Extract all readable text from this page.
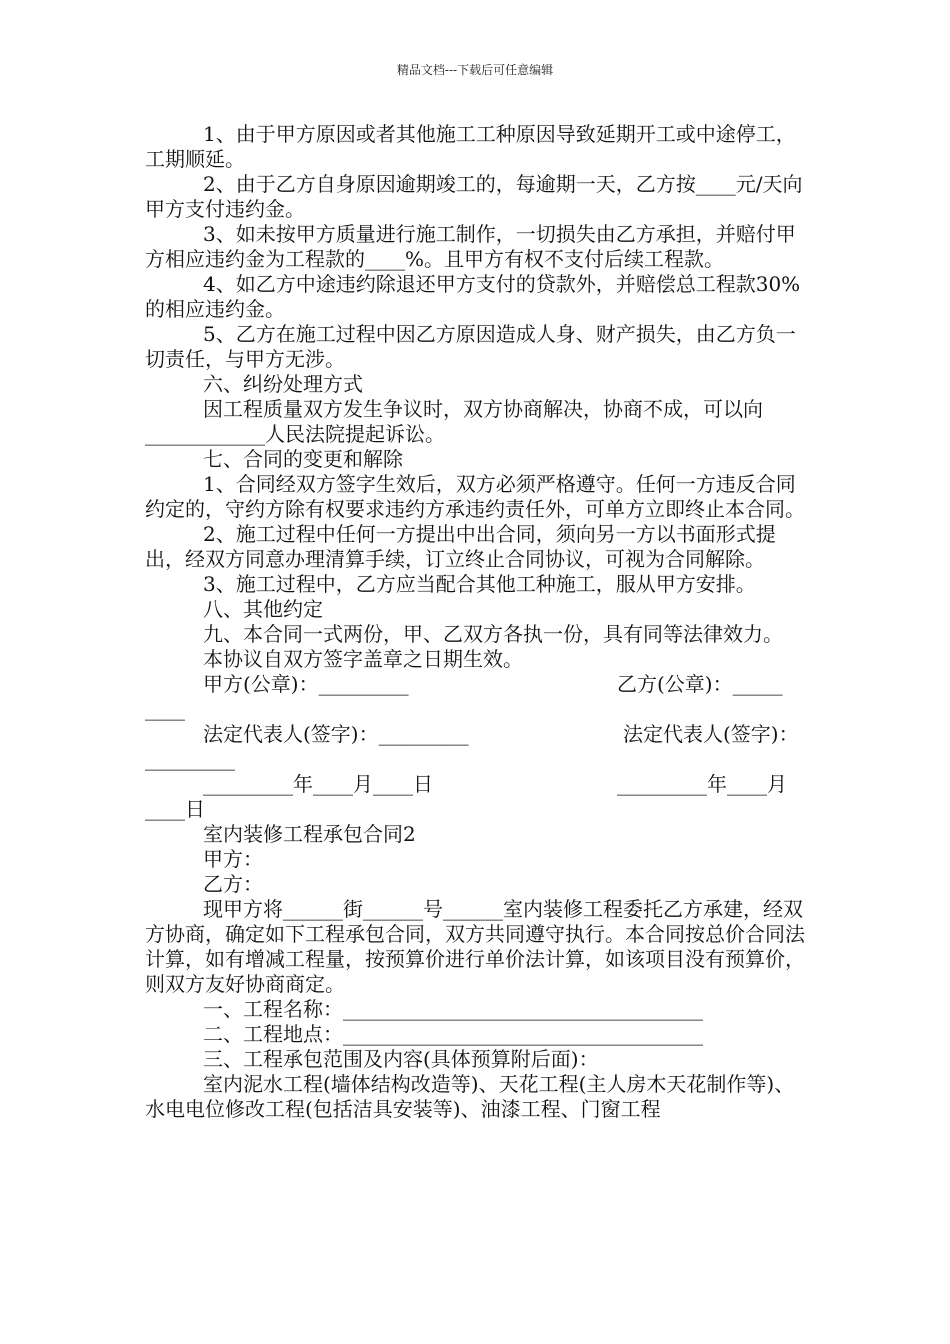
精品文档---下载后可任意编辑

1、由于甲方原因或者其他施工工种原因导致延期开工或中途停工，工期顺延。

2、由于乙方自身原因逾期竣工的，每逾期一天，乙方按____元/天向甲方支付违约金。

3、如未按甲方质量进行施工制作，一切损失由乙方承担，并赔付甲方相应违约金为工程款的____%。且甲方有权不支付后续工程款。

4、如乙方中途违约除退还甲方支付的贷款外，并赔偿总工程款30%的相应违约金。

5、乙方在施工过程中因乙方原因造成人身、财产损失，由乙方负一切责任，与甲方无涉。

六、纠纷处理方式

因工程质量双方发生争议时，双方协商解决，协商不成，可以向____________人民法院提起诉讼。

七、合同的变更和解除

1、合同经双方签字生效后，双方必须严格遵守。任何一方违反合同约定的，守约方除有权要求违约方承违约责任外，可单方立即终止本合同。

2、施工过程中任何一方提出中出合同，须向另一方以书面形式提出，经双方同意办理清算手续，订立终止合同协议，可视为合同解除。

3、施工过程中，乙方应当配合其他工种施工，服从甲方安排。

八、其他约定

九、本合同一式两份，甲、乙双方各执一份，具有同等法律效力。

本协议自双方签字盖章之日期生效。

甲方(公章)：_________	乙方(公章)：_____
____
法定代表人(签字)：_________	法定代表人(签字)：
_________
_________年____月____日	_________年____月
____日

室内装修工程承包合同2

甲方：

乙方：

现甲方将______街______号______室内装修工程委托乙方承建，经双方协商，确定如下工程承包合同，双方共同遵守执行。本合同按总价合同法计算，如有增减工程量，按预算价进行单价法计算，如该项目没有预算价，则双方友好协商商定。

一、工程名称：____________________________________

二、工程地点：____________________________________

三、工程承包范围及内容(具体预算附后面)：

室内泥水工程(墙体结构改造等)、天花工程(主人房木天花制作等)、水电电位修改工程(包括洁具安装等)、油漆工程、门窗工程
